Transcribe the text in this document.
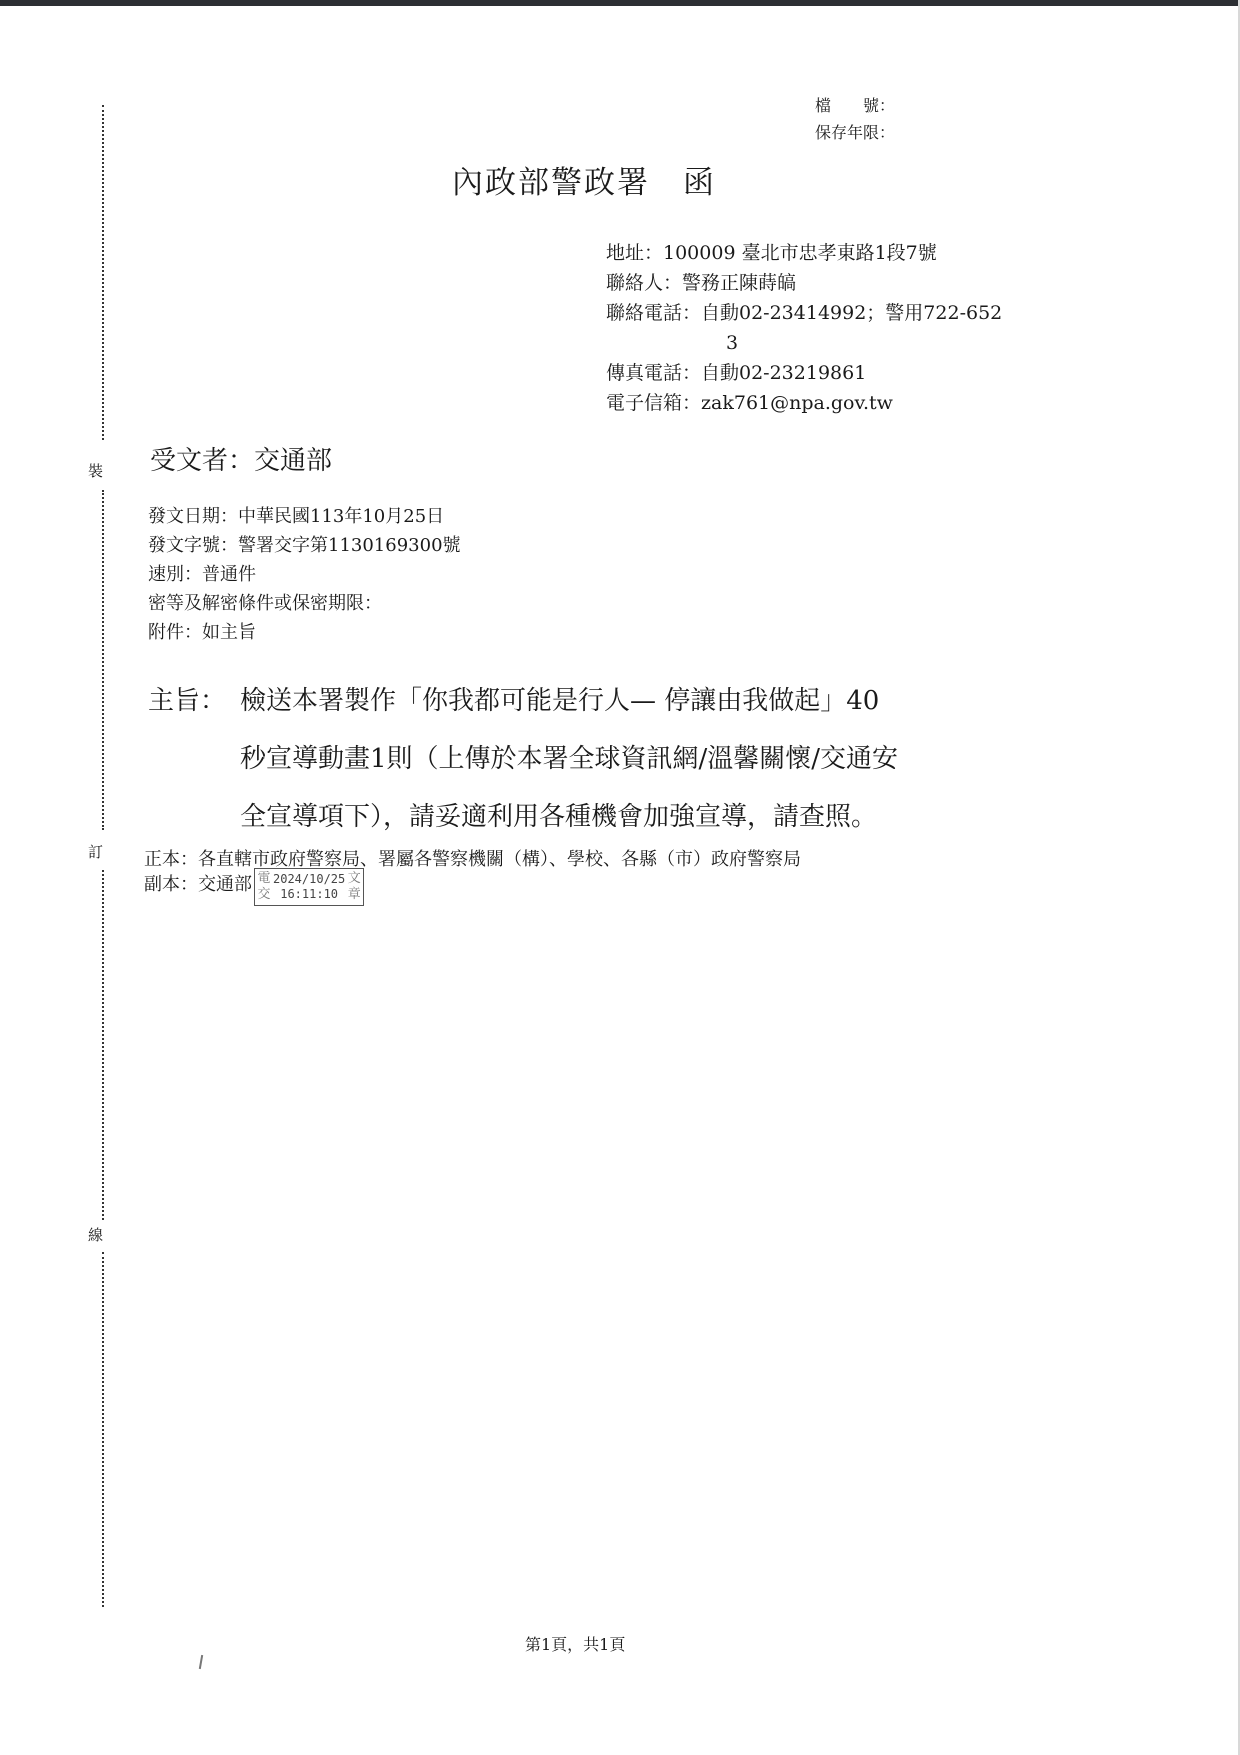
裝
訂
線
檔　　號：
保存年限：
內政部警政署　函
地址：100009 臺北市忠孝東路1段7號
聯絡人：警務正陳蒔皜
聯絡電話：自動02-23414992；警用722-652
3
傳真電話：自動02-23219861
電子信箱：zak761@npa.gov.tw
受文者：交通部
發文日期：中華民國113年10月25日
發文字號：警署交字第1130169300號
速別：普通件
密等及解密條件或保密期限：
附件：如主旨
主旨： 檢送本署製作「你我都可能是行人— 停讓由我做起」40
秒宣導動畫1則（上傳於本署全球資訊網/溫馨關懷/交通安
全宣導項下），請妥適利用各種機會加強宣導，請查照。
正本：各直轄市政府警察局、署屬各警察機關（構）、學校、各縣（市）政府警察局
副本：交通部 電
交
2024/10/25
16:11:10
文
章
第1頁，共1頁
